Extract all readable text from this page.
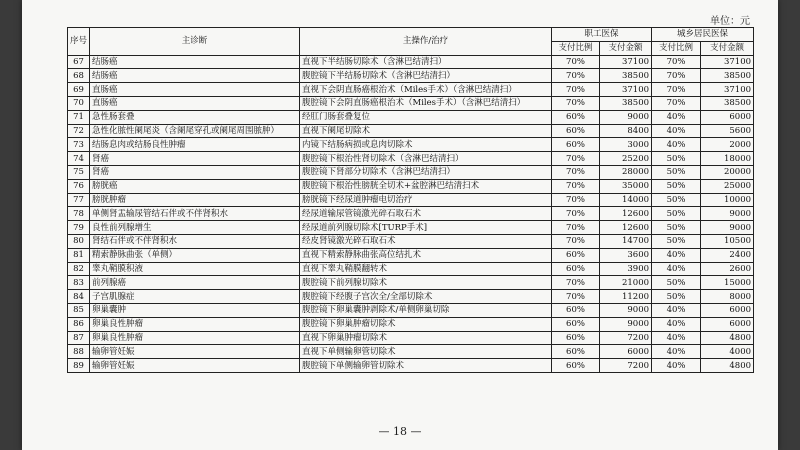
单位：元
序号	主诊断	主操作/治疗	职工医保		城乡居民医保	
			支付比例	支付金额	支付比例	支付金额
67	结肠癌	直视下半结肠切除术（含淋巴结清扫）	70%	37100	70%	37100
68	结肠癌	腹腔镜下半结肠切除术（含淋巴结清扫）	70%	38500	70%	38500
69	直肠癌	直视下会阴直肠癌根治术（Miles手术）（含淋巴结清扫）	70%	37100	70%	37100
70	直肠癌	腹腔镜下会阴直肠癌根治术（Miles手术）（含淋巴结清扫）	70%	38500	70%	38500
71	急性肠套叠	经肛门肠套叠复位	60%	9000	40%	6000
72	急性化脓性阑尾炎（含阑尾穿孔或阑尾周围脓肿）	直视下阑尾切除术	60%	8400	40%	5600
73	结肠息肉或结肠良性肿瘤	内镜下结肠病损或息肉切除术	60%	3000	40%	2000
74	肾癌	腹腔镜下根治性肾切除术（含淋巴结清扫）	70%	25200	50%	18000
75	肾癌	腹腔镜下肾部分切除术（含淋巴结清扫）	70%	28000	50%	20000
76	膀胱癌	腹腔镜下根治性膀胱全切术+盆腔淋巴结清扫术	70%	35000	50%	25000
77	膀胱肿瘤	膀胱镜下经尿道肿瘤电切治疗	70%	14000	50%	10000
78	单侧肾盂输尿管结石伴或不伴肾积水	经尿道输尿管镜激光碎石取石术	70%	12600	50%	9000
79	良性前列腺增生	经尿道前列腺切除术[TURP手术]	70%	12600	50%	9000
80	肾结石伴或不伴肾积水	经皮肾镜激光碎石取石术	70%	14700	50%	10500
81	精索静脉曲张（单侧）	直视下精索静脉曲张高位结扎术	60%	3600	40%	2400
82	睾丸鞘膜积液	直视下睾丸鞘膜翻转术	60%	3900	40%	2600
83	前列腺癌	腹腔镜下前列腺切除术	70%	21000	50%	15000
84	子宫肌腺症	腹腔镜下经腹子宫次全/全部切除术	70%	11200	50%	8000
85	卵巢囊肿	腹腔镜下卵巢囊肿剥除术/单侧卵巢切除	60%	9000	40%	6000
86	卵巢良性肿瘤	腹腔镜下卵巢肿瘤切除术	60%	9000	40%	6000
87	卵巢良性肿瘤	直视下卵巢肿瘤切除术	60%	7200	40%	4800
88	输卵管妊娠	直视下单侧输卵管切除术	60%	6000	40%	4000
89	输卵管妊娠	腹腔镜下单侧输卵管切除术	60%	7200	40%	4800
— 18 —
